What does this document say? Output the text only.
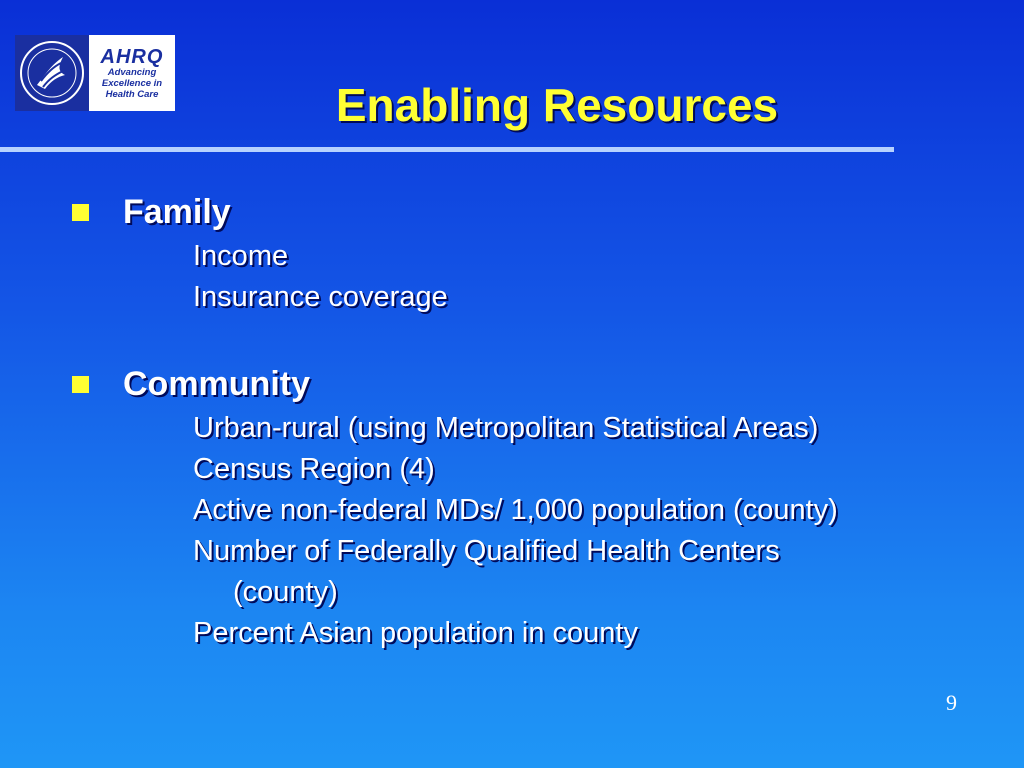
AHRQ
Advancing
Excellence in
Health Care	Enabling Resources
Family
Income
Insurance coverage
Community
Urban-rural (using Metropolitan Statistical Areas)
Census Region (4)
Active non-federal MDs/ 1,000 population (county)
Number of Federally Qualified Health Centers
(county)
Percent Asian population in county
9
